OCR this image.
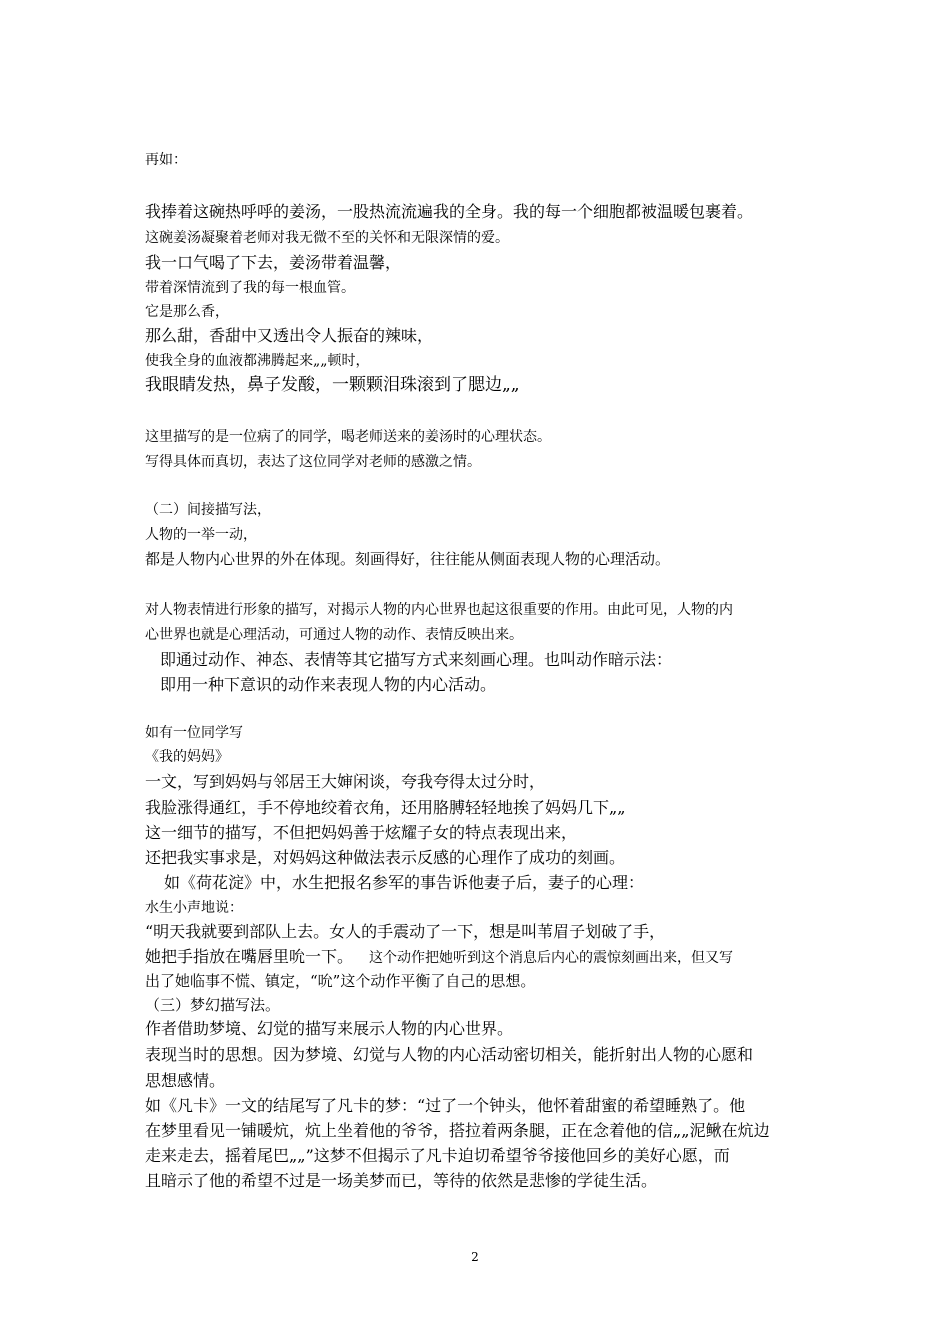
再如：
我捧着这碗热呼呼的姜汤，一股热流流遍我的全身。我的每一个细胞都被温暖包裹着。
这碗姜汤凝聚着老师对我无微不至的关怀和无限深情的爱。
我一口气喝了下去，姜汤带着温馨，
带着深情流到了我的每一根血管。
它是那么香，
那么甜，香甜中又透出令人振奋的辣味，
使我全身的血液都沸腾起来„„顿时，
我眼睛发热，鼻子发酸，一颗颗泪珠滚到了腮边„„
这里描写的是一位病了的同学，喝老师送来的姜汤时的心理状态。
写得具体而真切，表达了这位同学对老师的感激之情。
（二）间接描写法，
人物的一举一动，
都是人物内心世界的外在体现。刻画得好，往往能从侧面表现人物的心理活动。
对人物表情进行形象的描写，对揭示人物的内心世界也起这很重要的作用。由此可见，人物的内
心世界也就是心理活动，可通过人物的动作、表情反映出来。
即通过动作、神态、表情等其它描写方式来刻画心理。也叫动作暗示法：
即用一种下意识的动作来表现人物的内心活动。
如有一位同学写
《我的妈妈》
一文，写到妈妈与邻居王大婶闲谈，夸我夸得太过分时，
我脸涨得通红，手不停地绞着衣角，还用胳膊轻轻地挨了妈妈几下„„
这一细节的描写，不但把妈妈善于炫耀子女的特点表现出来，
还把我实事求是，对妈妈这种做法表示反感的心理作了成功的刻画。
如《荷花淀》中，水生把报名参军的事告诉他妻子后，妻子的心理：
水生小声地说：
“明天我就要到部队上去。女人的手震动了一下，想是叫苇眉子划破了手，
她把手指放在嘴唇里吮一下。 这个动作把她听到这个消息后内心的震惊刻画出来，但又写
出了她临事不慌、镇定，“吮”这个动作平衡了自己的思想。
（三）梦幻描写法。
作者借助梦境、幻觉的描写来展示人物的内心世界。
表现当时的思想。因为梦境、幻觉与人物的内心活动密切相关，能折射出人物的心愿和
思想感情。
如《凡卡》一文的结尾写了凡卡的梦：“过了一个钟头，他怀着甜蜜的希望睡熟了。他
在梦里看见一铺暖炕，炕上坐着他的爷爷，搭拉着两条腿，正在念着他的信„„泥鳅在炕边
走来走去，摇着尾巴„„”这梦不但揭示了凡卡迫切希望爷爷接他回乡的美好心愿，而
且暗示了他的希望不过是一场美梦而已，等待的依然是悲惨的学徒生活。
2
